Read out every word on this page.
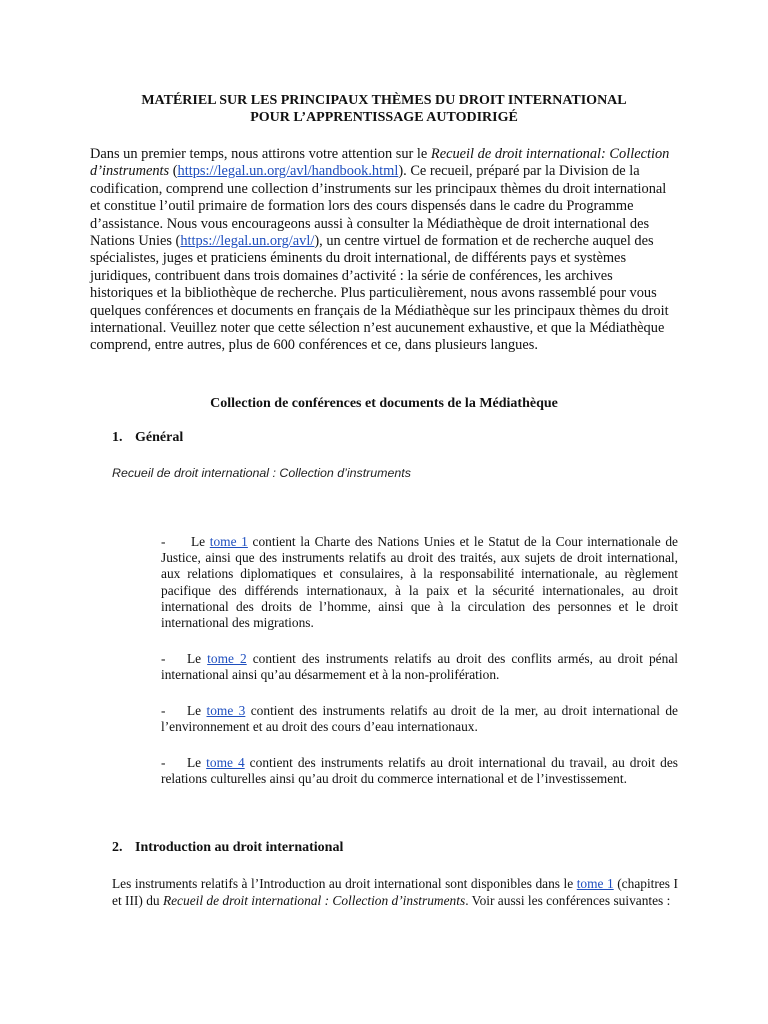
MATÉRIEL SUR LES PRINCIPAUX THÈMES DU DROIT INTERNATIONAL
POUR L’APPRENTISSAGE AUTODIRIGÉ
Dans un premier temps, nous attirons votre attention sur le Recueil de droit international: Collection d’instruments (https://legal.un.org/avl/handbook.html). Ce recueil, préparé par la Division de la codification, comprend une collection d’instruments sur les principaux thèmes du droit international et constitue l’outil primaire de formation lors des cours dispensés dans le cadre du Programme d’assistance. Nous vous encourageons aussi à consulter la Médiathèque de droit international des Nations Unies (https://legal.un.org/avl/), un centre virtuel de formation et de recherche auquel des spécialistes, juges et praticiens éminents du droit international, de différents pays et systèmes juridiques, contribuent dans trois domaines d’activité : la série de conférences, les archives historiques et la bibliothèque de recherche. Plus particulièrement, nous avons rassemblé pour vous quelques conférences et documents en français de la Médiathèque sur les principaux thèmes du droit international. Veuillez noter que cette sélection n’est aucunement exhaustive, et que la Médiathèque comprend, entre autres, plus de 600 conférences et ce, dans plusieurs langues.
Collection de conférences et documents de la Médiathèque
1. Général
Recueil de droit international : Collection d’instruments
- Le tome 1 contient la Charte des Nations Unies et le Statut de la Cour internationale de Justice, ainsi que des instruments relatifs au droit des traités, aux sujets de droit international, aux relations diplomatiques et consulaires, à la responsabilité internationale, au règlement pacifique des différends internationaux, à la paix et la sécurité internationales, au droit international des droits de l’homme, ainsi que à la circulation des personnes et le droit international des migrations.
- Le tome 2 contient des instruments relatifs au droit des conflits armés, au droit pénal international ainsi qu’au désarmement et à la non-prolifération.
- Le tome 3 contient des instruments relatifs au droit de la mer, au droit international de l’environnement et au droit des cours d’eau internationaux.
- Le tome 4 contient des instruments relatifs au droit international du travail, au droit des relations culturelles ainsi qu’au droit du commerce international et de l’investissement.
2. Introduction au droit international
Les instruments relatifs à l’Introduction au droit international sont disponibles dans le tome 1 (chapitres I et III) du Recueil de droit international : Collection d’instruments. Voir aussi les conférences suivantes :
